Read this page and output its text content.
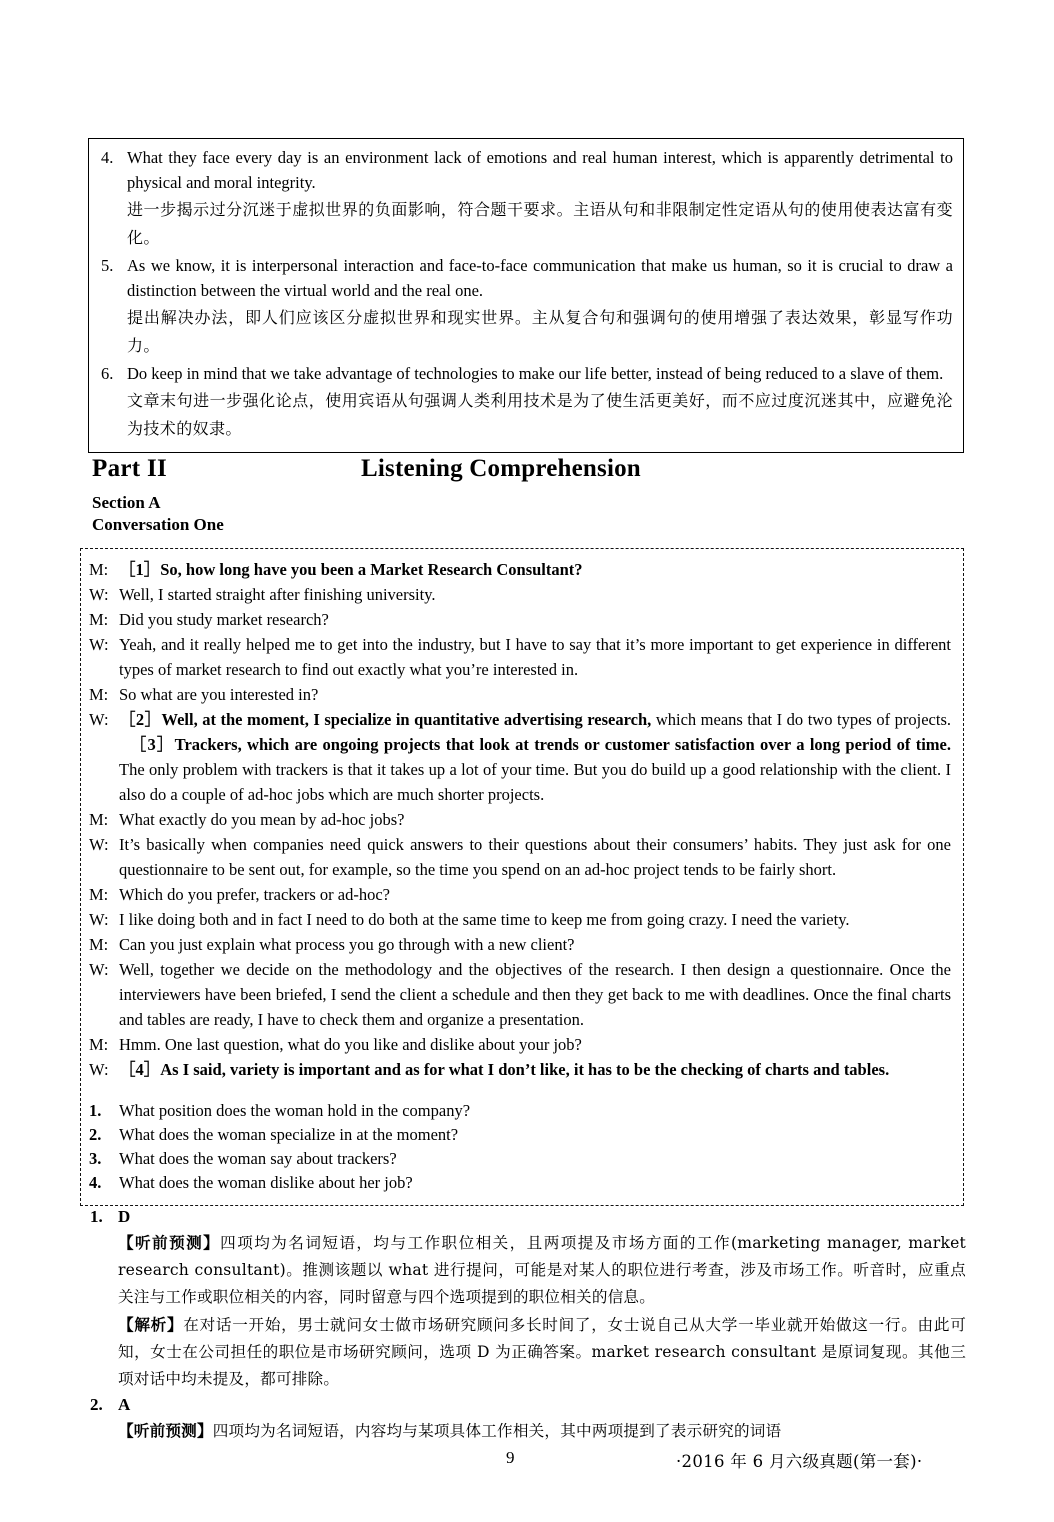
4. What they face every day is an environment lack of emotions and real human interest, which is apparently detrimental to physical and moral integrity.
进一步揭示过分沉迷于虚拟世界的负面影响，符合题干要求。主语从句和非限制定性定语从句的使用使表达富有变化。
5. As we know, it is interpersonal interaction and face-to-face communication that make us human, so it is crucial to draw a distinction between the virtual world and the real one.
提出解决办法，即人们应该区分虚拟世界和现实世界。主从复合句和强调句的使用增强了表达效果，彰显写作功力。
6. Do keep in mind that we take advantage of technologies to make our life better, instead of being reduced to a slave of them.
文章末句进一步强化论点，使用宾语从句强调人类利用技术是为了使生活更美好，而不应过度沉迷其中，应避免沦为技术的奴隶。
Part II	Listening Comprehension
Section A
Conversation One
M: ［1］So, how long have you been a Market Research Consultant?
W: Well, I started straight after finishing university.
M: Did you study market research?
W: Yeah, and it really helped me to get into the industry, but I have to say that it’s more important to get experience in different types of market research to find out exactly what you’re interested in.
M: So what are you interested in?
W: ［2］Well, at the moment, I specialize in quantitative advertising research, which means that I do two types of projects.   ［3］Trackers, which are ongoing projects that look at trends or customer satisfaction over a long period of time. The only problem with trackers is that it takes up a lot of your time. But you do build up a good relationship with the client. I also do a couple of ad-hoc jobs which are much shorter projects.
M: What exactly do you mean by ad-hoc jobs?
W: It’s basically when companies need quick answers to their questions about their consumers’ habits. They just ask for one questionnaire to be sent out, for example, so the time you spend on an ad-hoc project tends to be fairly short.
M: Which do you prefer, trackers or ad-hoc?
W: I like doing both and in fact I need to do both at the same time to keep me from going crazy. I need the variety.
M: Can you just explain what process you go through with a new client?
W: Well, together we decide on the methodology and the objectives of the research. I then design a questionnaire. Once the interviewers have been briefed, I send the client a schedule and then they get back to me with deadlines. Once the final charts and tables are ready, I have to check them and organize a presentation.
M: Hmm. One last question, what do you like and dislike about your job?
W: ［4］As I said, variety is important and as for what I don’t like, it has to be the checking of charts and tables.
1.	What position does the woman hold in the company?
2.	What does the woman specialize in at the moment?
3.	What does the woman say about trackers?
4.	What does the woman dislike about her job?
1. D
【听前预测】四项均为名词短语，均与工作职位相关，且两项提及市场方面的工作(marketing manager, market research consultant)。推测该题以 what 进行提问，可能是对某人的职位进行考查，涉及市场工作。听音时，应重点关注与工作或职位相关的内容，同时留意与四个选项提到的职位相关的信息。
【解析】在对话一开始，男士就问女士做市场研究顾问多长时间了，女士说自己从大学一毕业就开始做这一行。由此可知，女士在公司担任的职位是市场研究顾问，选项 D 为正确答案。market research consultant 是原词复现。其他三项对话中均未提及，都可排除。
2. A
【听前预测】四项均为名词短语，内容均与某项具体工作相关，其中两项提到了表示研究的词语
9	·2016 年 6 月六级真题(第一套)·
